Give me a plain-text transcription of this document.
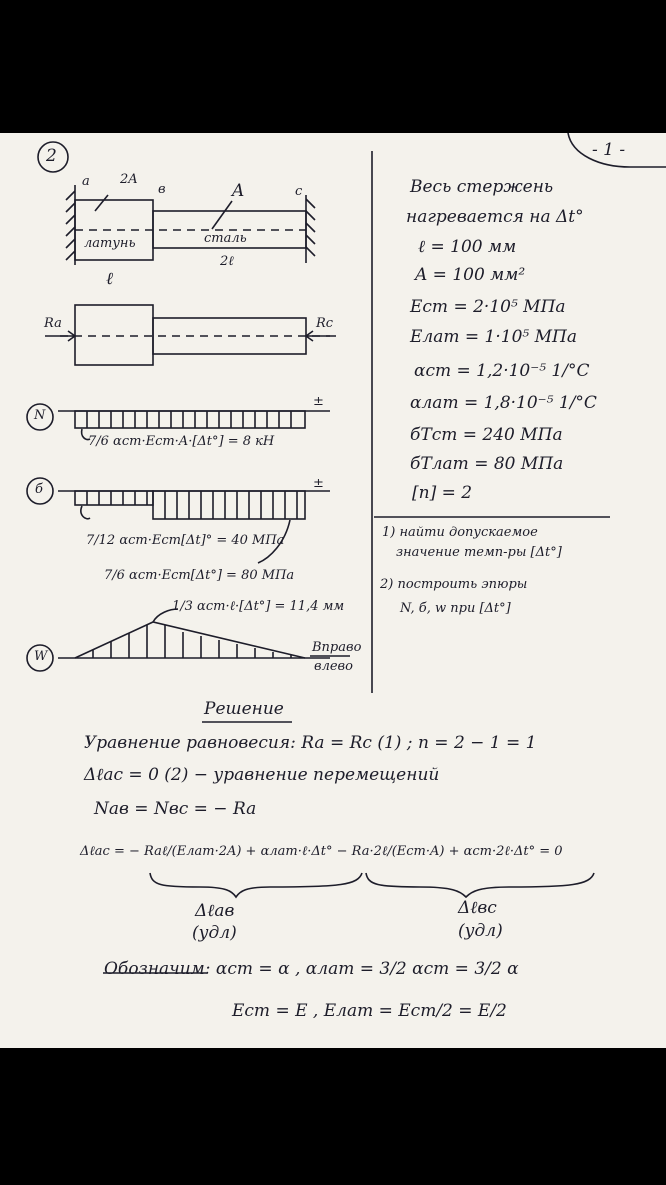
- 1 -
2
a 2A
в	A	c
латунь	сталь
ℓ
2ℓ
Ra	Rc
N
±
7/6 αст·Eст·A·[Δt°] = 8 кН
б	±
7/12 αст·Eст[Δt]° = 40 МПа
7/6 αст·Eст[Δt°] = 80 МПа
W
1/3 αст·ℓ·[Δt°] = 11,4 мм
Вправо
влево
Весь стержень
нагревается на Δt°
ℓ = 100 мм
A = 100 мм²
Eст = 2·10⁵ МПа
Eлат = 1·10⁵ МПа
αст = 1,2·10⁻⁵ 1/°C
αлат = 1,8·10⁻⁵ 1/°C
бTст = 240 МПа
бTлат = 80 МПа
[n] = 2
1) найти допускаемое
значение темп-ры [Δt°]
2) построить эпюры
N, б, w при [Δt°]
Решение
Уравнение равновесия: Ra = Rc (1) ; n = 2 − 1 = 1
Δℓac = 0 (2) − уравнение перемещений
Nав = Nвс = − Ra
Δℓac = − Raℓ/(Eлат·2A) + αлат·ℓ·Δt° − Ra·2ℓ/(Eст·A) + αст·2ℓ·Δt° = 0
Δℓав
(удл)
Δℓвс
(удл)
Обозначим: αст = α , αлат = 3/2 αст = 3/2 α
Eст = E , Eлат = Eст/2 = E/2
